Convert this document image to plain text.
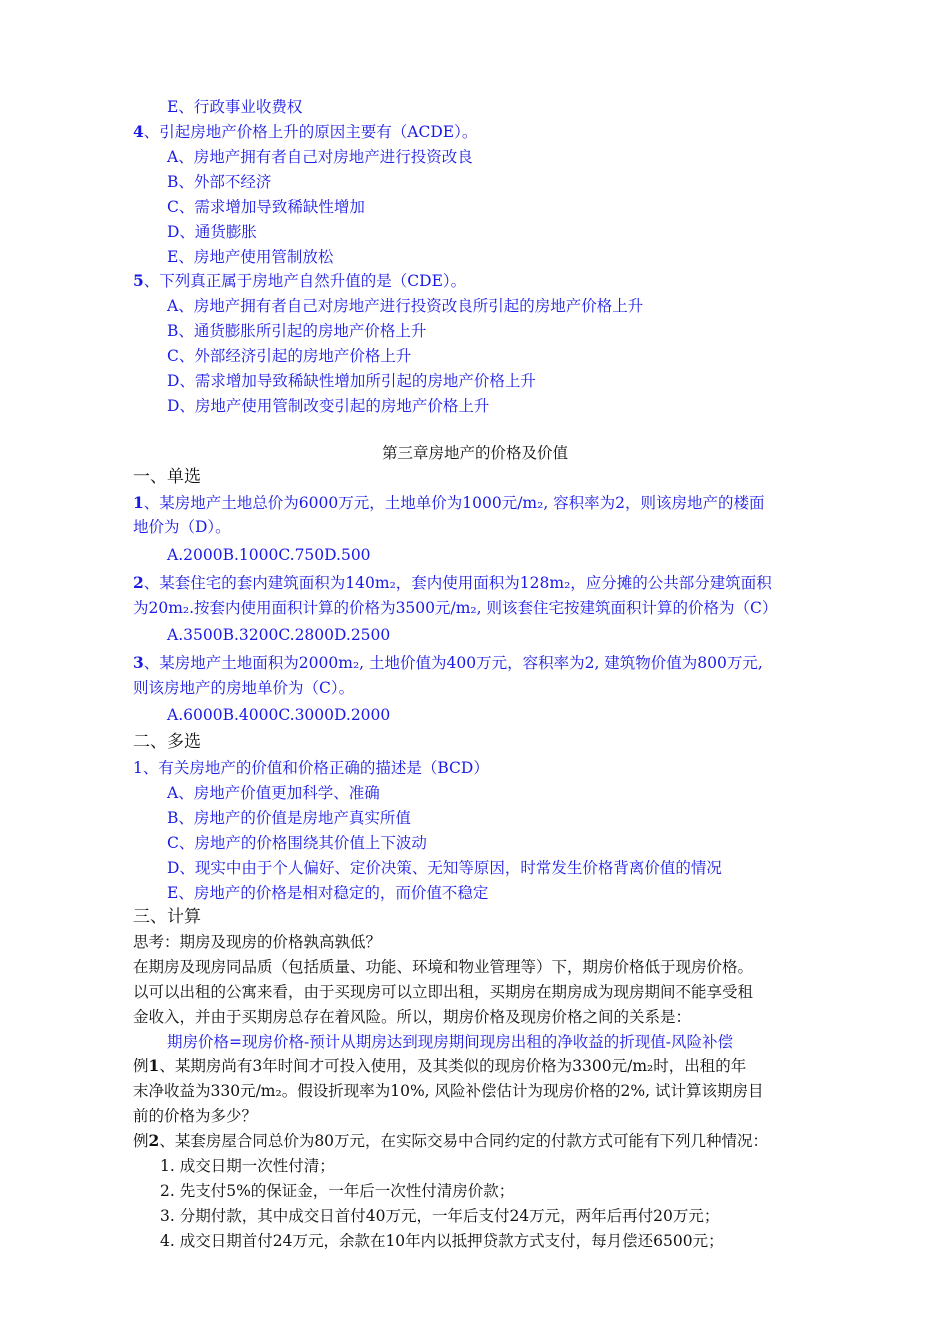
E、行政事业收费权
4、引起房地产价格上升的原因主要有（ACDE）。
A、房地产拥有者自己对房地产进行投资改良
B、外部不经济
C、需求增加导致稀缺性增加
D、通货膨胀
E、房地产使用管制放松
5、下列真正属于房地产自然升值的是（CDE）。
A、房地产拥有者自己对房地产进行投资改良所引起的房地产价格上升
B、通货膨胀所引起的房地产价格上升
C、外部经济引起的房地产价格上升
D、需求增加导致稀缺性增加所引起的房地产价格上升
D、房地产使用管制改变引起的房地产价格上升
第三章房地产的价格及价值
一、单选
1、某房地产土地总价为6000万元，土地单价为1000元/m₂, 容积率为2，则该房地产的楼面
地价为（D）。
A.2000B.1000C.750D.500
2、某套住宅的套内建筑面积为140m₂，套内使用面积为128m₂，应分摊的公共部分建筑面积
为20m₂.按套内使用面积计算的价格为3500元/m₂, 则该套住宅按建筑面积计算的价格为（C）
A.3500B.3200C.2800D.2500
3、某房地产土地面积为2000m₂, 土地价值为400万元，容积率为2, 建筑物价值为800万元,
则该房地产的房地单价为（C）。
A.6000B.4000C.3000D.2000
二、多选
1、有关房地产的价值和价格正确的描述是（BCD）
A、房地产价值更加科学、准确
B、房地产的价值是房地产真实所值
C、房地产的价格围绕其价值上下波动
D、现实中由于个人偏好、定价决策、无知等原因，时常发生价格背离价值的情况
E、房地产的价格是相对稳定的，而价值不稳定
三、计算
思考：期房及现房的价格孰高孰低？
在期房及现房同品质（包括质量、功能、环境和物业管理等）下，期房价格低于现房价格。
以可以出租的公寓来看，由于买现房可以立即出租，买期房在期房成为现房期间不能享受租
金收入，并由于买期房总存在着风险。所以，期房价格及现房价格之间的关系是：
期房价格=现房价格-预计从期房达到现房期间现房出租的净收益的折现值-风险补偿
例1、某期房尚有3年时间才可投入使用，及其类似的现房价格为3300元/m₂时，出租的年
末净收益为330元/m₂。假设折现率为10%, 风险补偿估计为现房价格的2%, 试计算该期房目
前的价格为多少？
例2、某套房屋合同总价为80万元，在实际交易中合同约定的付款方式可能有下列几种情况：
1. 成交日期一次性付清；
2. 先支付5%的保证金，一年后一次性付清房价款；
3. 分期付款，其中成交日首付40万元，一年后支付24万元，两年后再付20万元；
4. 成交日期首付24万元，余款在10年内以抵押贷款方式支付，每月偿还6500元；
